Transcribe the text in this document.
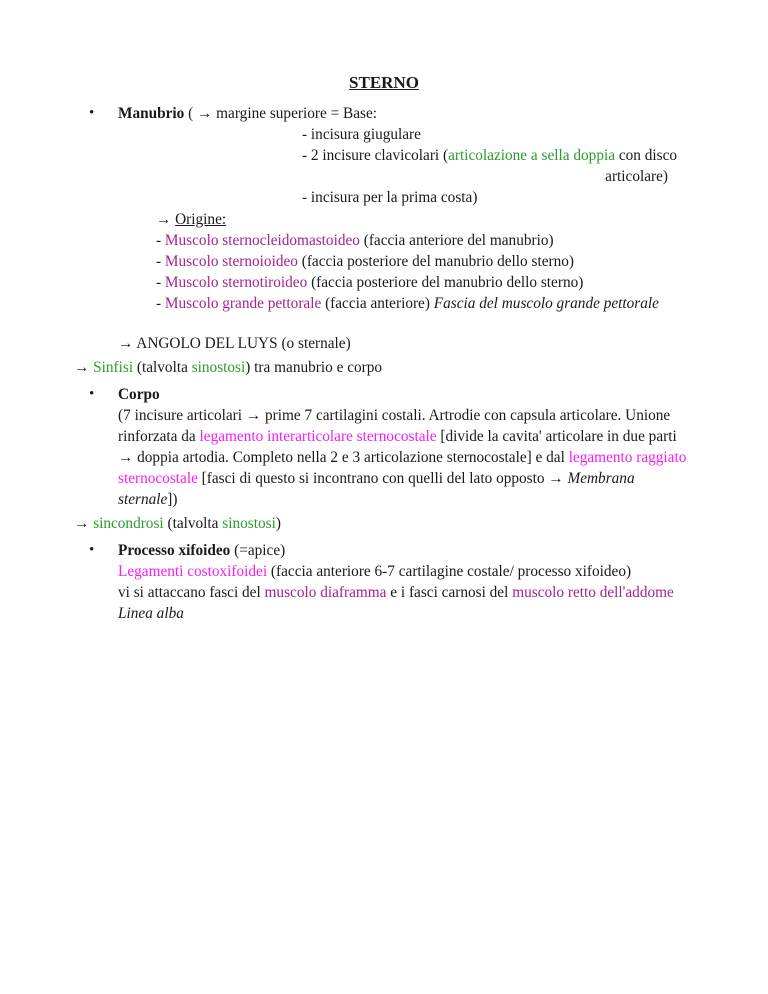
STERNO
• Manubrio ( → margine superiore = Base:
- incisura giugulare
- 2 incisure clavicolari (articolazione a sella doppia con disco
articolare)
- incisura per la prima costa)
→ Origine:
- Muscolo sternocleidomastoideo (faccia anteriore del manubrio)
- Muscolo sternoioideo (faccia posteriore del manubrio dello sterno)
- Muscolo sternotiroideo (faccia posteriore del manubrio dello sterno)
- Muscolo grande pettorale (faccia anteriore) Fascia del muscolo grande pettorale
→ ANGOLO DEL LUYS (o sternale)
→ Sinfisi (talvolta sinostosi) tra manubrio e corpo
• Corpo
(7 incisure articolari → prime 7 cartilagini costali. Artrodie con capsula articolare. Unione
rinforzata da legamento interarticolare sternocostale [divide la cavita' articolare in due parti
→ doppia artodia. Completo nella 2 e 3 articolazione sternocostale] e dal legamento raggiato
sternocostale [fasci di questo si incontrano con quelli del lato opposto → Membrana
sternale])
→ sincondrosi (talvolta sinostosi)
• Processo xifoideo (=apice)
Legamenti costoxifoidei (faccia anteriore 6-7 cartilagine costale/ processo xifoideo)
vi si attaccano fasci del muscolo diaframma e i fasci carnosi del muscolo retto dell'addome
Linea alba
